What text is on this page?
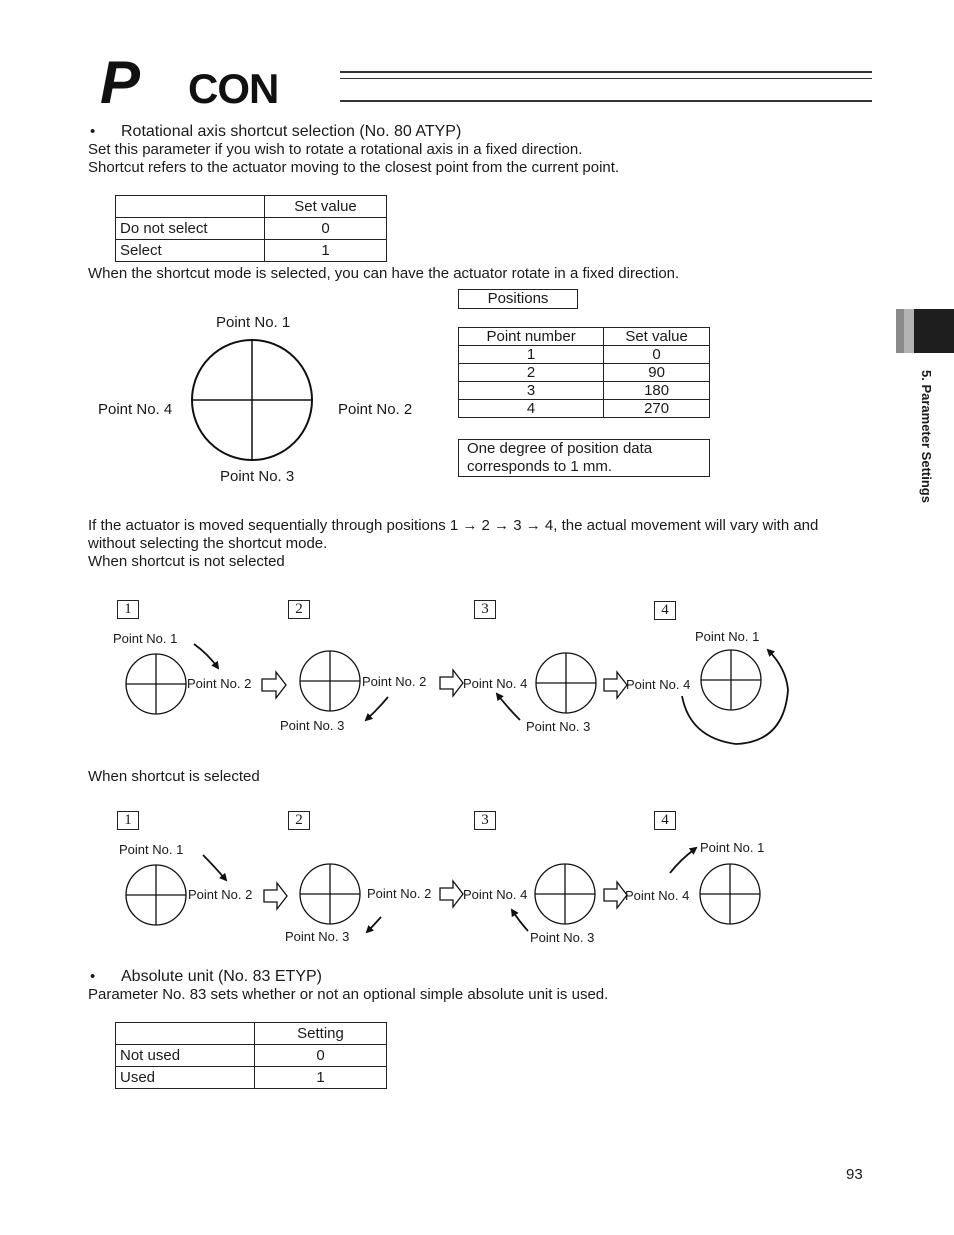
P CON
5. Parameter Settings
• Rotational axis shortcut selection (No. 80 ATYP)
Set this parameter if you wish to rotate a rotational axis in a fixed direction.
Shortcut refers to the actuator moving to the closest point from the current point.
	Set value
Do not select	0
Select	1
When the shortcut mode is selected, you can have the actuator rotate in a fixed direction.
Point No. 1
Point No. 4	Point No. 2
Point No. 3
Positions
Point number	Set value
1	0
2	90
3	180
4	270
One degree of position data
corresponds to 1 mm.
If the actuator is moved sequentially through positions 1 → 2 → 3 → 4, the actual movement will vary with and
without selecting the shortcut mode.
When shortcut is not selected
1	2	3	4
Point No. 1
Point No. 2	Point No. 2
Point No. 3
Point No. 4
Point No. 3
Point No. 1
Point No. 4
When shortcut is selected
1	2	3	4
Point No. 1
Point No. 2	Point No. 2
Point No. 3
Point No. 4
Point No. 3
Point No. 1
Point No. 4
• Absolute unit (No. 83 ETYP)
Parameter No. 83 sets whether or not an optional simple absolute unit is used.
	Setting
Not used	0
Used	1
93
